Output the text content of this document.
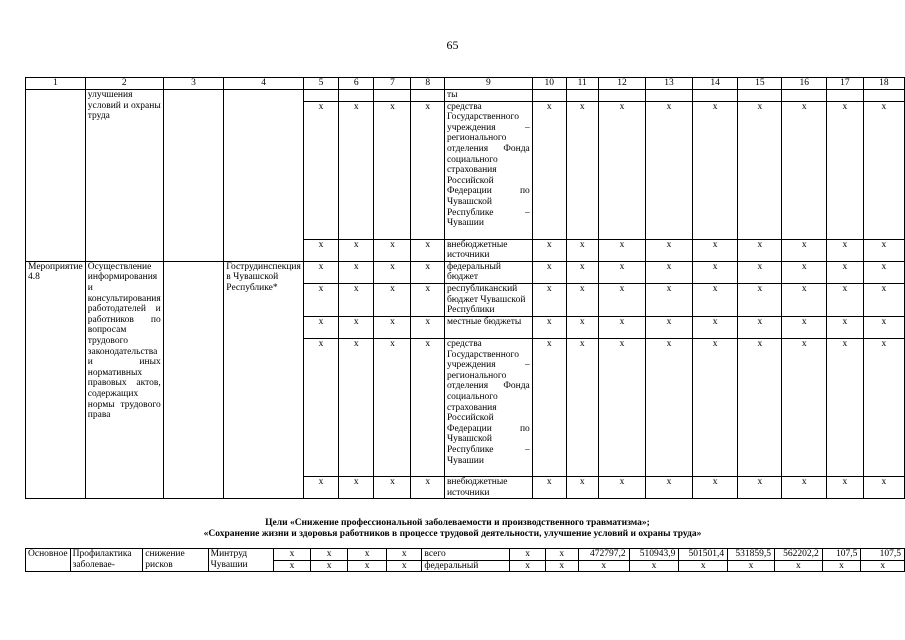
65
1	2	3	4	5	6	7	8	9	10	11	12	13	14	15	16	17	18
	улучшения условий и охраны труда							ты									
				x	x	x	x	средства Государственного учреждения – регионального отделения Фонда социального страхования Российской Федерации по Чувашской Республике – Чувашии	x	x	x	x	x	x	x	x	x
				x	x	x	x	внебюджетные источники	x	x	x	x	x	x	x	x	x
Мероприятие 4.8	Осуществление информирования и консультирования работодателей и работников по вопросам трудового законодательства и иных нормативных правовых актов, содержащих нормы трудового права		Гострудинспекция в Чувашской Республике*	x	x	x	x	федеральный бюджет	x	x	x	x	x	x	x	x	x
				x	x	x	x	республиканский бюджет Чувашской Республики	x	x	x	x	x	x	x	x	x
				x	x	x	x	местные бюджеты	x	x	x	x	x	x	x	x	x
				x	x	x	x	средства Государственного учреждения – регионального отделения Фонда социального страхования Российской Федерации по Чувашской Республике – Чувашии	x	x	x	x	x	x	x	x	x
				x	x	x	x	внебюджетные источники	x	x	x	x	x	x	x	x	x
Цели «Снижение профессиональной заболеваемости и производственного травматизма»;
«Сохранение жизни и здоровья работников в процессе трудовой деятельности, улучшение условий и охраны труда»
Основное	Профилактика заболевае-	снижение рисков	Минтруд Чувашии	x	x	x	x	всего	x	x	472797,2	510943,9	501501,4	531859,5	562202,2	107,5	107,5
				x	x	x	x	федеральный	x	x	x	x	x	x	x	x	x
